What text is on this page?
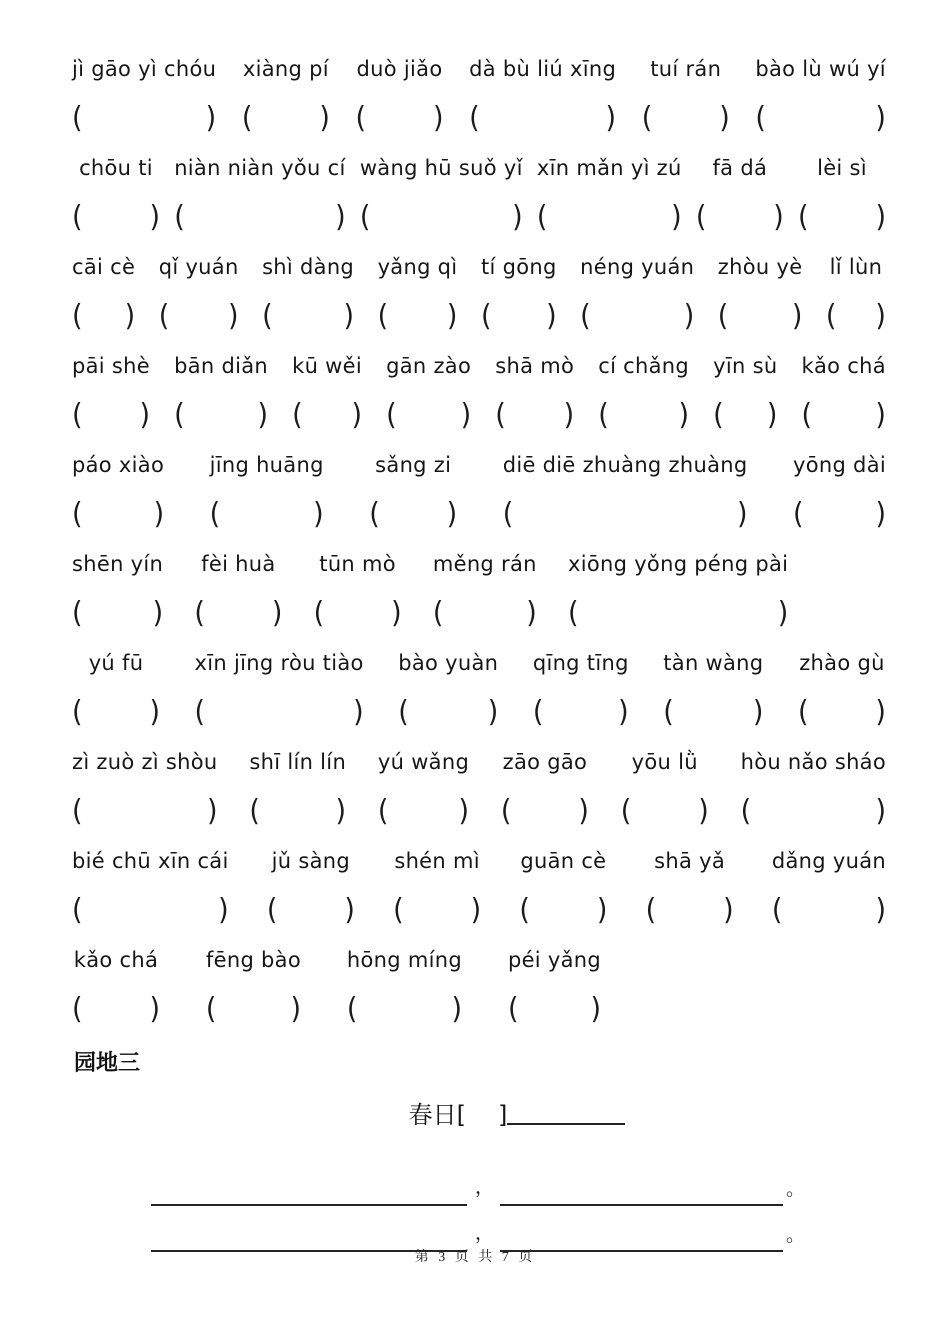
jì gāo yì chóu
(	)
xiàng pí
( )
duò jiǎo
( )
dà bù liú xīng
(	)
tuí rán
( )
bào lù wú yí
(	)
chōu ti
( )
niàn niàn yǒu cí
(	)
wàng hū suǒ yǐ
(	)
xīn mǎn yì zú
(	)
fā dá
( )
lèi sì
( )
cāi cè
( )
qǐ yuán
( )
shì dàng
(	)
yǎng qì
( )
tí gōng
( )
néng yuán
(	)
zhòu yè
( )
lǐ lùn
( )
pāi shè
( )
bān diǎn
(	)
kū wěi
( )
gān zào
( )
shā mò
( )
cí chǎng
(	)
yīn sù
( )
kǎo chá
( )
páo xiào
(	)
jīng huāng
(	)
sǎng zi
( )
diē diē zhuàng zhuàng
(	)
yōng dài
(	)
shēn yín
(	)
fèi huà
( )
tūn mò
( )
měng rán
(	)
xiōng yǒng péng pài
(	)
yú fū
( )
xīn jīng ròu tiào
(	)
bào yuàn
(	)
qīng tīng
(	)
tàn wàng
(	)
zhào gù
( )
zì zuò zì shòu
(	)
shī lín lín
(	)
yú wǎng
(	)
zāo gāo
( )
yōu lǜ
( )
hòu nǎo sháo
(	)
bié chū xīn cái
(	)
jǔ sàng
( )
shén mì
( )
guān cè
( )
shā yǎ
( )
dǎng yuán
(	)
kǎo chá
( )
fēng bào
(	)
hōng míng
(	)
péi yǎng
(	)
园地三
春日[ ]
，	。
，	。
第 3 页 共 7 页
